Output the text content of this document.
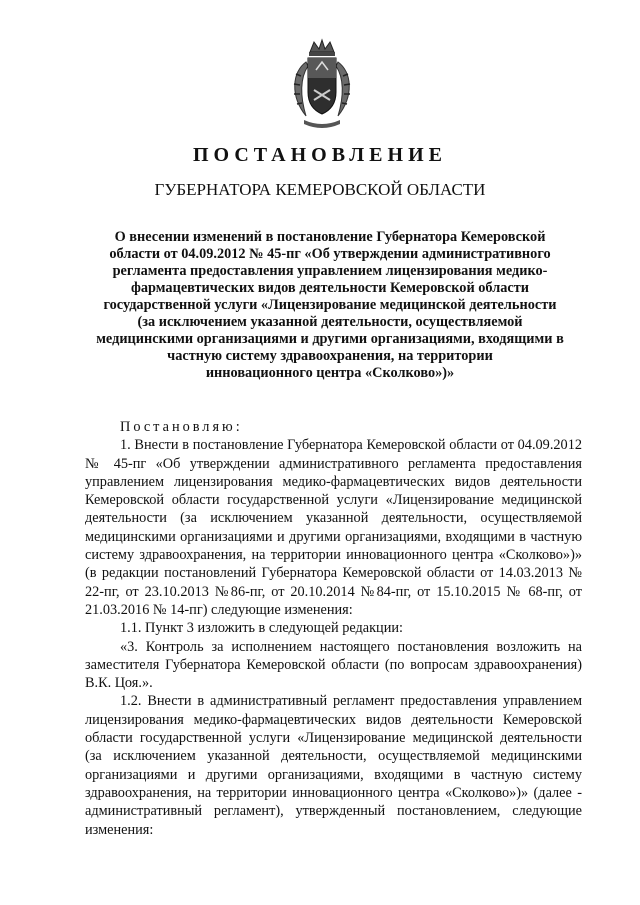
ПОСТАНОВЛЕНИЕ
ГУБЕРНАТОРА КЕМЕРОВСКОЙ ОБЛАСТИ
О внесении изменений в постановление Губернатора Кемеровской
области от 04.09.2012 № 45-пг «Об утверждении административного
регламента предоставления управлением лицензирования медико-
фармацевтических видов деятельности Кемеровской области
государственной услуги «Лицензирование медицинской деятельности
(за исключением указанной деятельности, осуществляемой
медицинскими организациями и другими организациями, входящими в
частную систему здравоохранения, на территории
инновационного центра «Сколково»)»

Постановляю:

1. Внести в постановление Губернатора Кемеровской области от 04.09.2012 № 45-пг «Об утверждении административного регламента предоставления управлением лицензирования медико-фармацевтических видов деятельности Кемеровской области государственной услуги «Лицензирование медицинской деятельности (за исключением указанной деятельности, осуществляемой медицинскими организациями и другими организациями, входящими в частную систему здравоохранения, на территории инновационного центра «Сколково»)» (в редакции постановлений Губернатора Кемеровской области от 14.03.2013 № 22-пг, от 23.10.2013 №86-пг, от 20.10.2014 №84-пг, от 15.10.2015 № 68-пг, от 21.03.2016 № 14-пг) следующие изменения:

1.1. Пункт 3 изложить в следующей редакции:

«3. Контроль за исполнением настоящего постановления возложить на заместителя Губернатора Кемеровской области (по вопросам здравоохранения) В.К. Цоя.».

1.2. Внести в административный регламент предоставления управлением лицензирования медико-фармацевтических видов деятельности Кемеровской области государственной услуги «Лицензирование медицинской деятельности (за исключением указанной деятельности, осуществляемой медицинскими организациями и другими организациями, входящими в частную систему здравоохранения, на территории инновационного центра «Сколково»)» (далее - административный регламент), утвержденный постановлением, следующие изменения:
